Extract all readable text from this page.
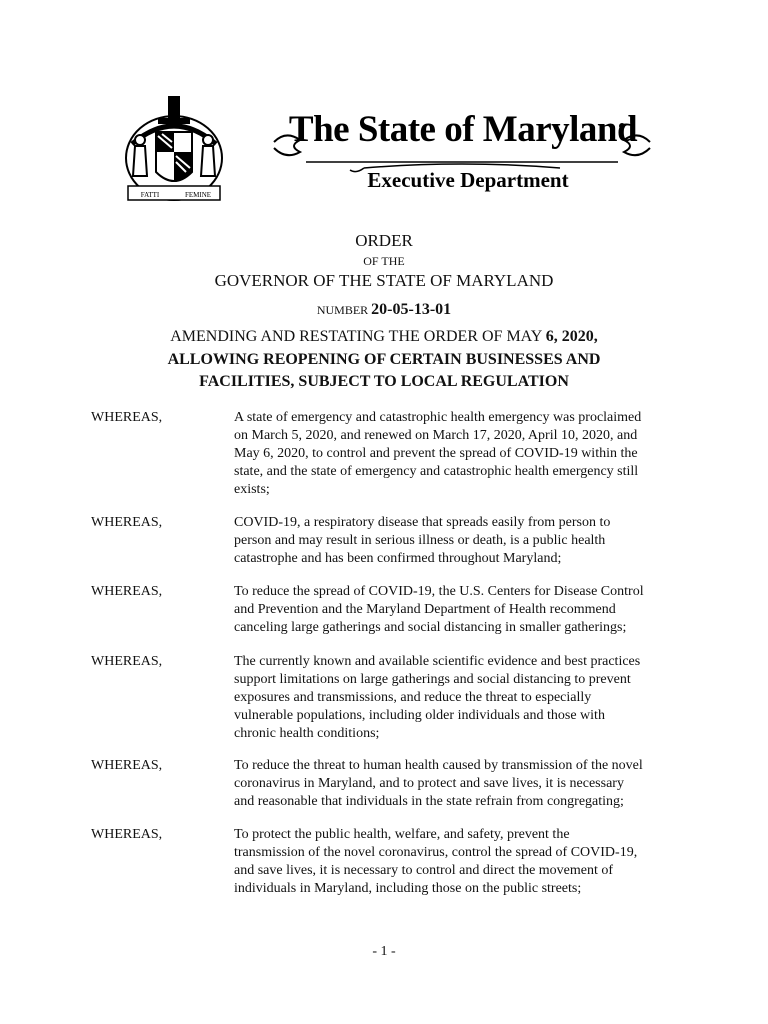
FATTI	FEMINE
The State of Maryland
Executive Department
ORDER
OF THE
GOVERNOR OF THE STATE OF MARYLAND
NUMBER 20-05-13-01
AMENDING AND RESTATING THE ORDER OF MAY 6, 2020,
ALLOWING REOPENING OF CERTAIN BUSINESSES AND
FACILITIES, SUBJECT TO LOCAL REGULATION
WHEREAS,	A state of emergency and catastrophic health emergency was proclaimed
on March 5, 2020, and renewed on March 17, 2020, April 10, 2020, and
May 6, 2020, to control and prevent the spread of COVID-19 within the
state, and the state of emergency and catastrophic health emergency still
exists;
WHEREAS,	COVID-19, a respiratory disease that spreads easily from person to
person and may result in serious illness or death, is a public health
catastrophe and has been confirmed throughout Maryland;
WHEREAS,	To reduce the spread of COVID-19, the U.S. Centers for Disease Control
and Prevention and the Maryland Department of Health recommend
canceling large gatherings and social distancing in smaller gatherings;
WHEREAS,	The currently known and available scientific evidence and best practices
support limitations on large gatherings and social distancing to prevent
exposures and transmissions, and reduce the threat to especially
vulnerable populations, including older individuals and those with
chronic health conditions;
WHEREAS,	To reduce the threat to human health caused by transmission of the novel
coronavirus in Maryland, and to protect and save lives, it is necessary
and reasonable that individuals in the state refrain from congregating;
WHEREAS,	To protect the public health, welfare, and safety, prevent the
transmission of the novel coronavirus, control the spread of COVID-19,
and save lives, it is necessary to control and direct the movement of
individuals in Maryland, including those on the public streets;
- 1 -
